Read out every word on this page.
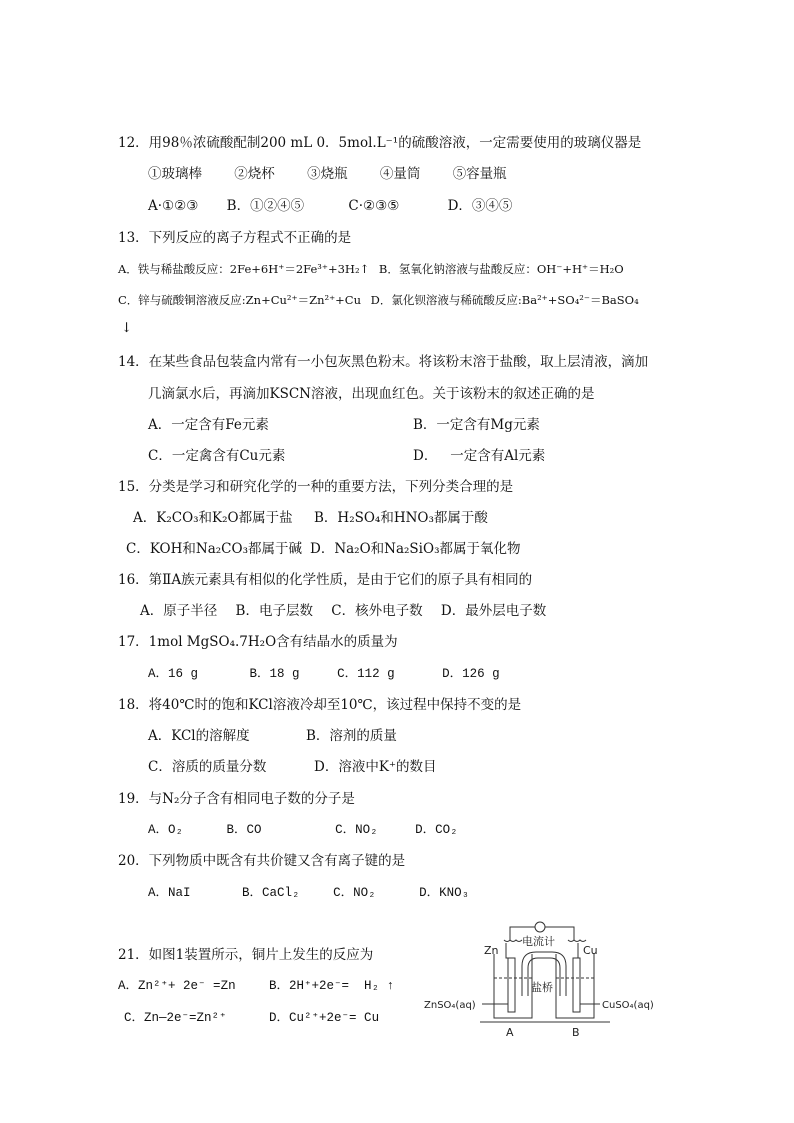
12．用98％浓硫酸配制200 mL 0．5mol.L⁻¹的硫酸溶液，一定需要使用的玻璃仪器是
①玻璃棒 ②烧杯 ③烧瓶 ④量筒 ⑤容量瓶
A·①②③ B．①②④⑤	C·②③⑤	D．③④⑤
13．下列反应的离子方程式不正确的是
A．铁与稀盐酸反应：2Fe+6H⁺＝2Fe³⁺+3H₂↑ B．氢氧化钠溶液与盐酸反应：OH⁻+H⁺＝H₂O
C．锌与硫酸铜溶液反应:Zn+Cu²⁺＝Zn²⁺+Cu D．氯化钡溶液与稀硫酸反应:Ba²⁺+SO₄²⁻＝BaSO₄
↓
14．在某些食品包装盒内常有一小包灰黑色粉末。将该粉末溶于盐酸，取上层清液，滴加
几滴氯水后，再滴加KSCN溶液，出现血红色。关于该粉末的叙述正确的是
A．一定含有Fe元素	B．一定含有Mg元素
C．一定禽含有Cu元素	D．   一定含有Al元素
15．分类是学习和研究化学的一种的重要方法，下列分类合理的是
A．K₂CO₃和K₂O都属于盐 B．H₂SO₄和HNO₃都属于酸
C．KOH和Na₂CO₃都属于碱 D．Na₂O和Na₂SiO₃都属于氧化物
16．第ⅡA族元素具有相似的化学性质，是由于它们的原子具有相同的
A．原子半径 B．电子层数 C．核外电子数 D．最外层电子数
17．1mol MgSO₄.7H₂O含有结晶水的质量为
A．16 g	B．18 g	C．112 g	D．126 g
18．将40℃时的饱和KCl溶液冷却至10℃，该过程中保持不变的是
A．KCl的溶解度	B．溶剂的质量
C．溶质的质量分数	D．溶液中K⁺的数目
19．与N₂分子含有相同电子数的分子是
A．O₂	B．CO	C．NO₂	D．CO₂
20．下列物质中既含有共价键又含有离子键的是
A．NaI	B．CaCl₂	C．NO₂	D．KNO₃
21．如图1装置所示，铜片上发生的反应为
A．Zn²⁺+ 2e⁻ =Zn	B．2H⁺+2e⁻=  H₂ ↑
C．Zn—2e⁻=Zn²⁺	D．Cu²⁺+2e⁻= Cu
Zn	Cu
电流计
盐桥
ZnSO₄(aq)	CuSO₄(aq)
A	B
